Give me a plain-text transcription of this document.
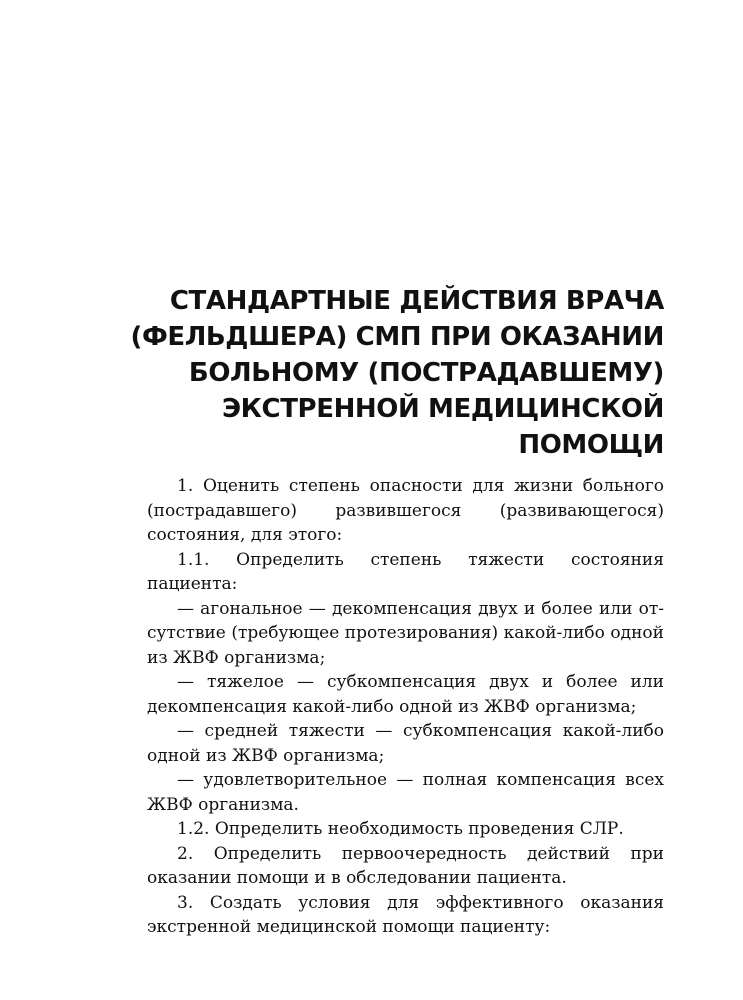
СТАНДАРТНЫЕ ДЕЙСТВИЯ ВРАЧА
(ФЕЛЬДШЕРА) СМП ПРИ ОКАЗАНИИ
БОЛЬНОМУ (ПОСТРАДАВШЕМУ)
ЭКСТРЕННОЙ МЕДИЦИНСКОЙ
ПОМОЩИ

1. Оценить степень опасности для жизни больного (пострадавшего) развившегося (развивающегося) состояния, для этого:

1.1. Определить степень тяжести состояния пациента:

— агональное — декомпенсация двух и более или отсутствие (требующее протезирования) какой-либо одной из ЖВФ организма;

— тяжелое — субкомпенсация двух и более или декомпенсация какой-либо одной из ЖВФ организма;

— средней тяжести — субкомпенсация какой-либо одной из ЖВФ организма;

— удовлетворительное — полная компенсация всех ЖВФ организма.

1.2. Определить необходимость проведения СЛР.

2. Определить первоочередность действий при оказании помощи и в обследовании пациента.

3. Создать условия для эффективного оказания экстренной медицинской помощи пациенту:
